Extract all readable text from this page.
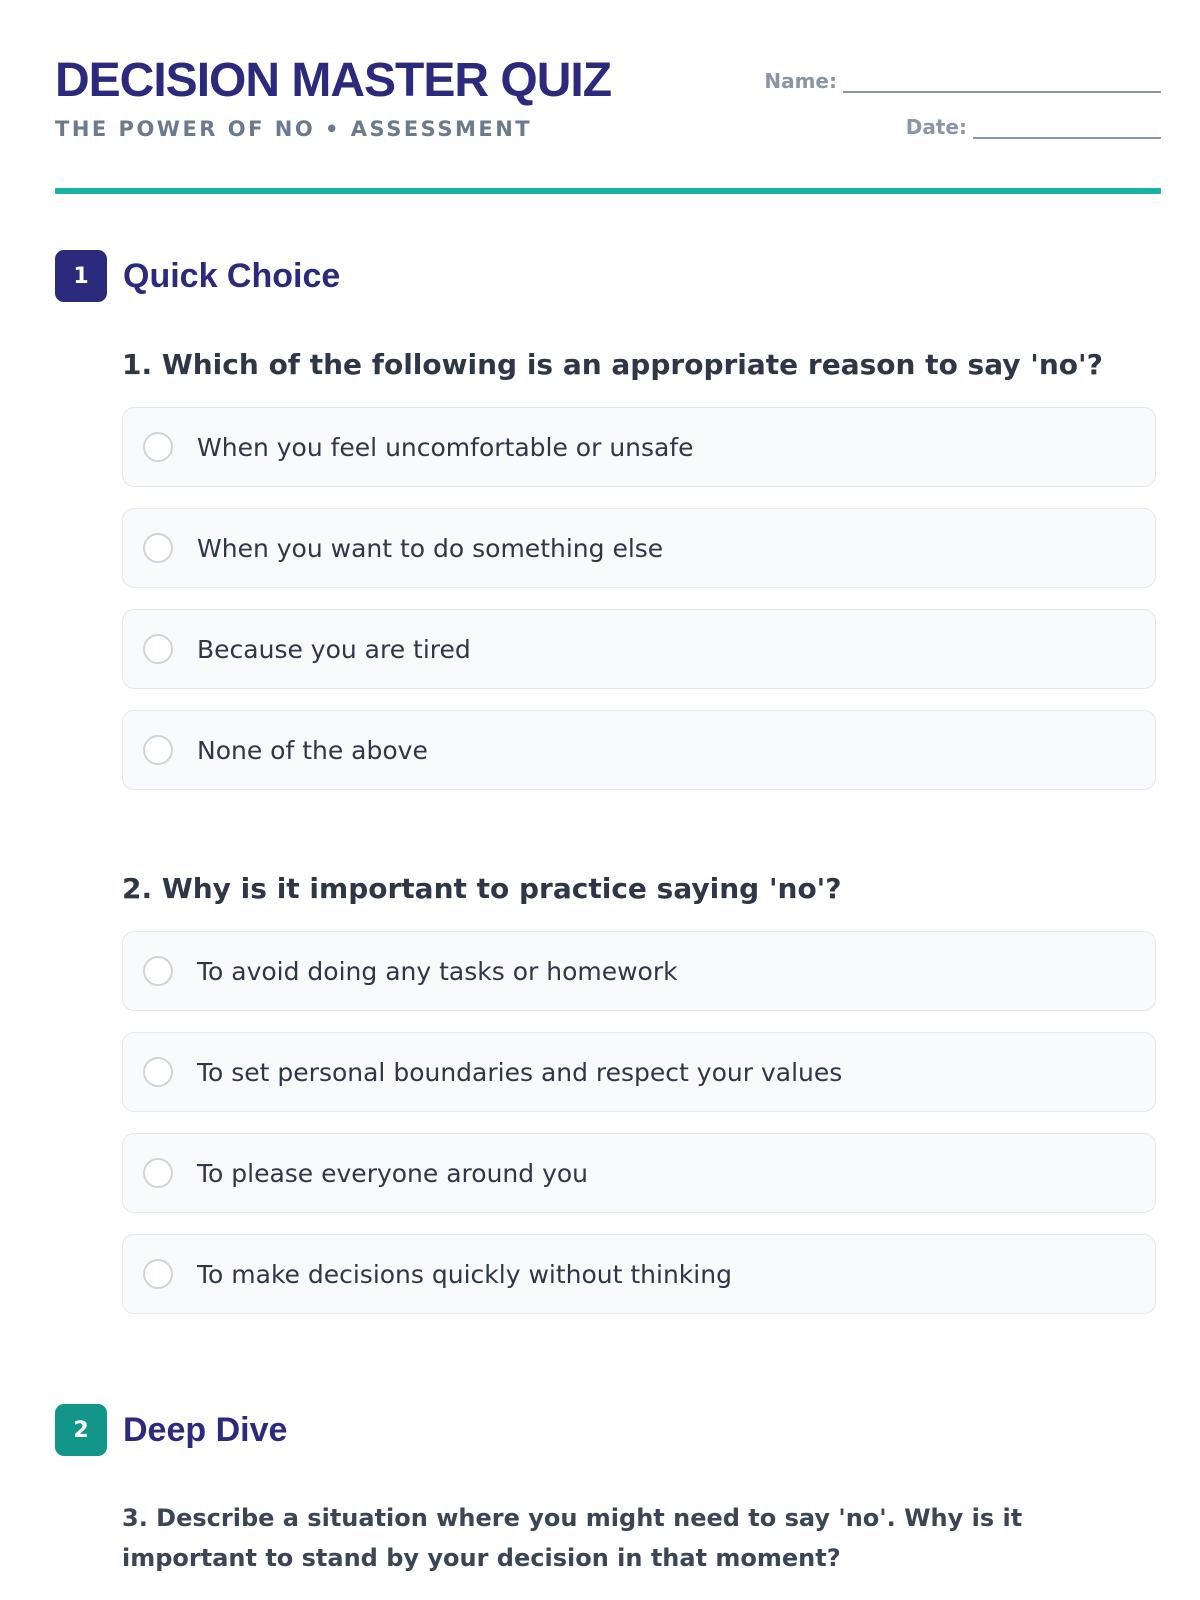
DECISION MASTER QUIZ
THE POWER OF NO • ASSESSMENT
Name:
Date:
1	Quick Choice
1. Which of the following is an appropriate reason to say 'no'?
When you feel uncomfortable or unsafe
When you want to do something else
Because you are tired
None of the above
2. Why is it important to practice saying 'no'?
To avoid doing any tasks or homework
To set personal boundaries and respect your values
To please everyone around you
To make decisions quickly without thinking
2	Deep Dive
3. Describe a situation where you might need to say 'no'. Why is it important to stand by your decision in that moment?
